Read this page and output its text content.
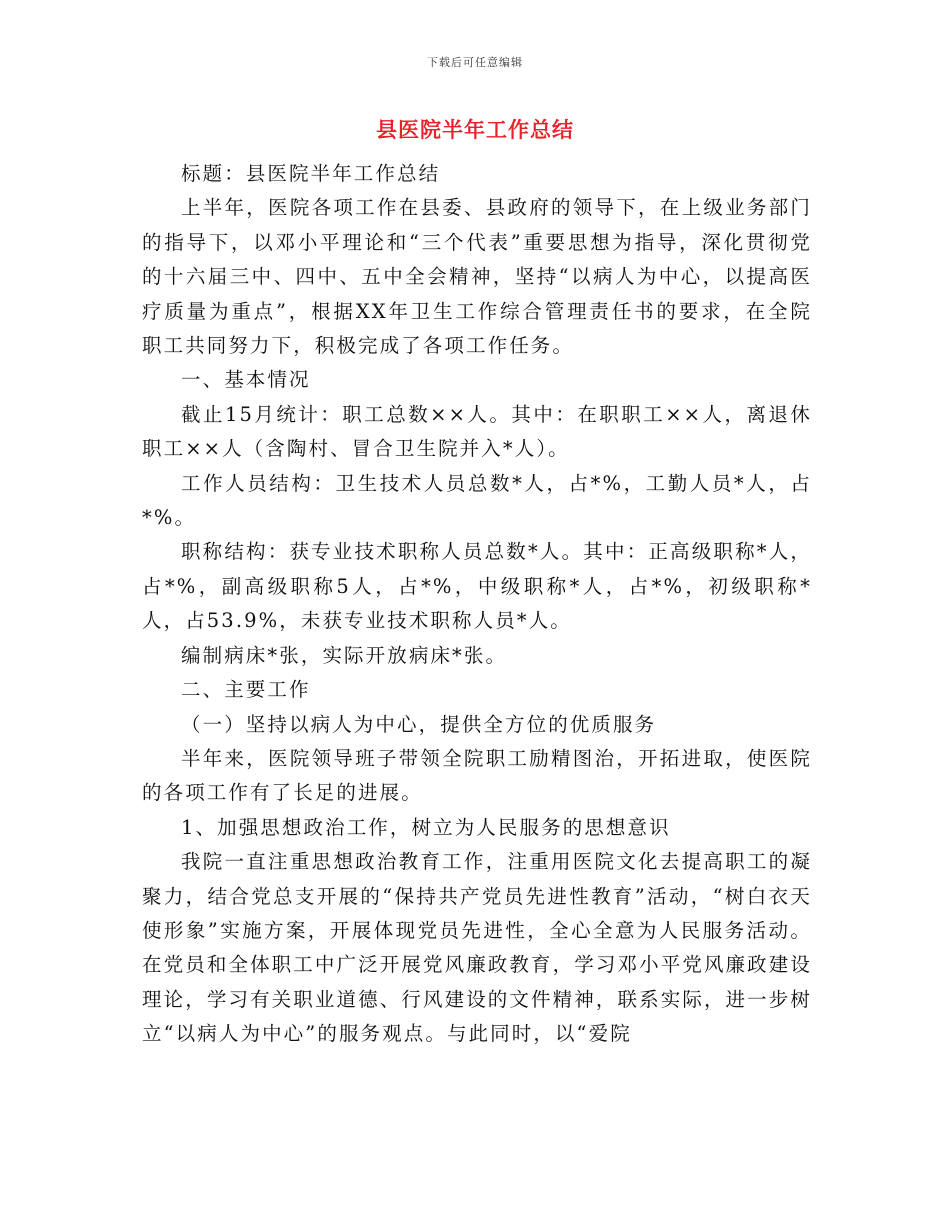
下载后可任意编辑
县医院半年工作总结

标题：县医院半年工作总结

上半年，医院各项工作在县委、县政府的领导下，在上级业务部门的指导下，以邓小平理论和“三个代表”重要思想为指导，深化贯彻党的十六届三中、四中、五中全会精神，坚持“以病人为中心，以提高医疗质量为重点”，根据XX年卫生工作综合管理责任书的要求，在全院职工共同努力下，积极完成了各项工作任务。

一、基本情况

截止15月统计：职工总数××人。其中：在职职工××人，离退休职工××人（含陶村、冒合卫生院并入*人）。

工作人员结构：卫生技术人员总数*人，占*%，工勤人员*人，占*%。

职称结构：获专业技术职称人员总数*人。其中：正高级职称*人，占*%，副高级职称5人，占*%，中级职称*人，占*%，初级职称*人，占53.9%，未获专业技术职称人员*人。

编制病床*张，实际开放病床*张。

二、主要工作

（一）坚持以病人为中心，提供全方位的优质服务

半年来，医院领导班子带领全院职工励精图治，开拓进取，使医院的各项工作有了长足的进展。

1、加强思想政治工作，树立为人民服务的思想意识

我院一直注重思想政治教育工作，注重用医院文化去提高职工的凝聚力，结合党总支开展的“保持共产党员先进性教育”活动，“树白衣天使形象”实施方案，开展体现党员先进性，全心全意为人民服务活动。在党员和全体职工中广泛开展党风廉政教育，学习邓小平党风廉政建设理论，学习有关职业道德、行风建设的文件精神，联系实际，进一步树立“以病人为中心”的服务观点。与此同时，以“爱院
